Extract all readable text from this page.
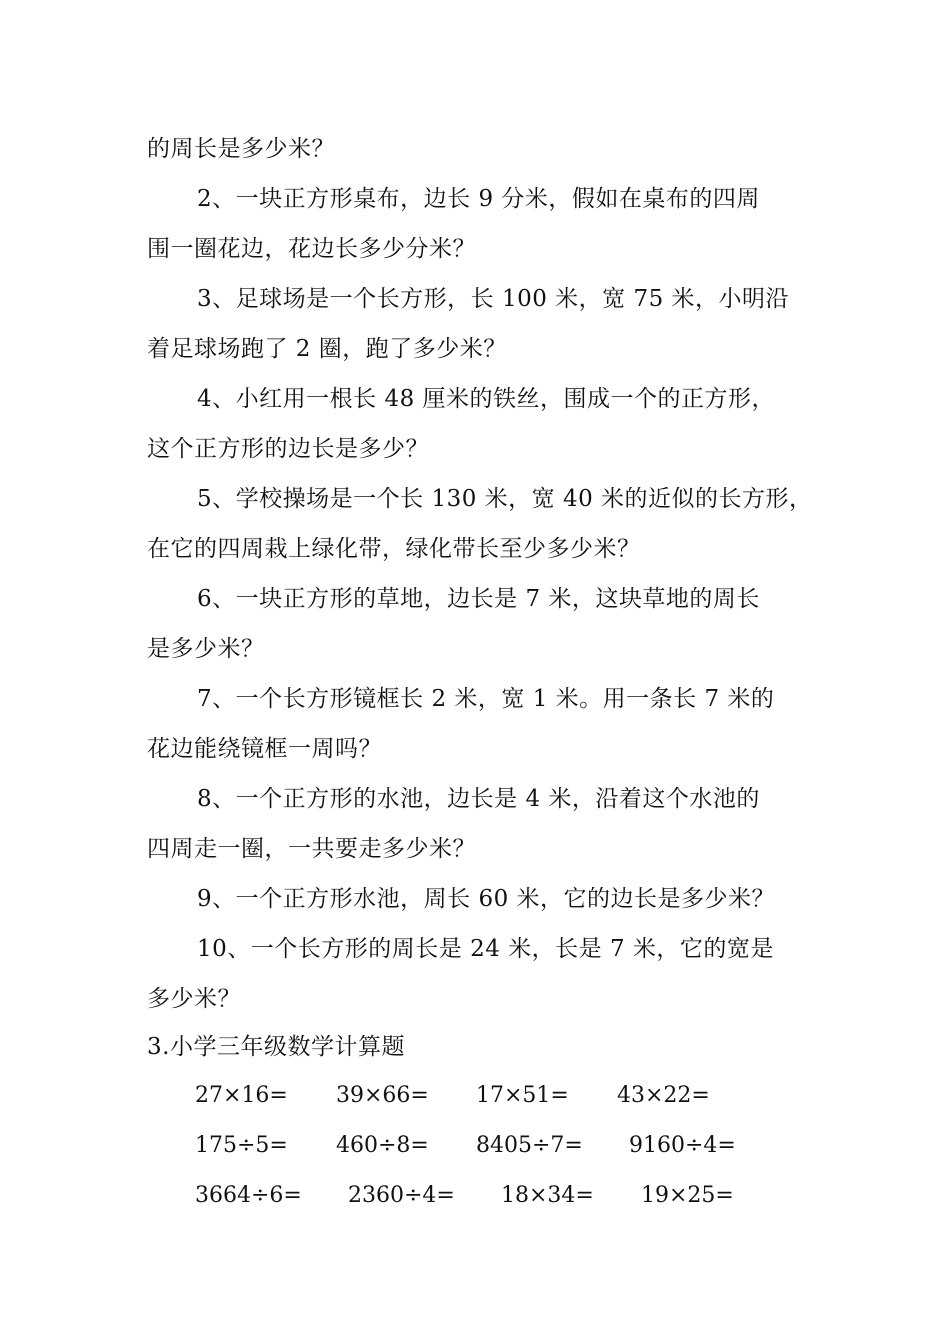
的周长是多少米？
2、一块正方形桌布，边长 9 分米，假如在桌布的四周
围一圈花边，花边长多少分米？
3、足球场是一个长方形，长 100 米，宽 75 米，小明沿
着足球场跑了 2 圈，跑了多少米？
4、小红用一根长 48 厘米的铁丝，围成一个的正方形，
这个正方形的边长是多少？
5、学校操场是一个长 130 米，宽 40 米的近似的长方形，
在它的四周栽上绿化带，绿化带长至少多少米？
6、一块正方形的草地，边长是 7 米，这块草地的周长
是多少米？
7、一个长方形镜框长 2 米，宽 1 米。用一条长 7 米的
花边能绕镜框一周吗？
8、一个正方形的水池，边长是 4 米，沿着这个水池的
四周走一圈，一共要走多少米？
9、一个正方形水池，周长 60 米，它的边长是多少米？
10、一个长方形的周长是 24 米，长是 7 米，它的宽是
多少米？
3.小学三年级数学计算题
27×16= 39×66= 17×51= 43×22=
175÷5= 460÷8= 8405÷7= 9160÷4=
3664÷6= 2360÷4= 18×34= 19×25=
